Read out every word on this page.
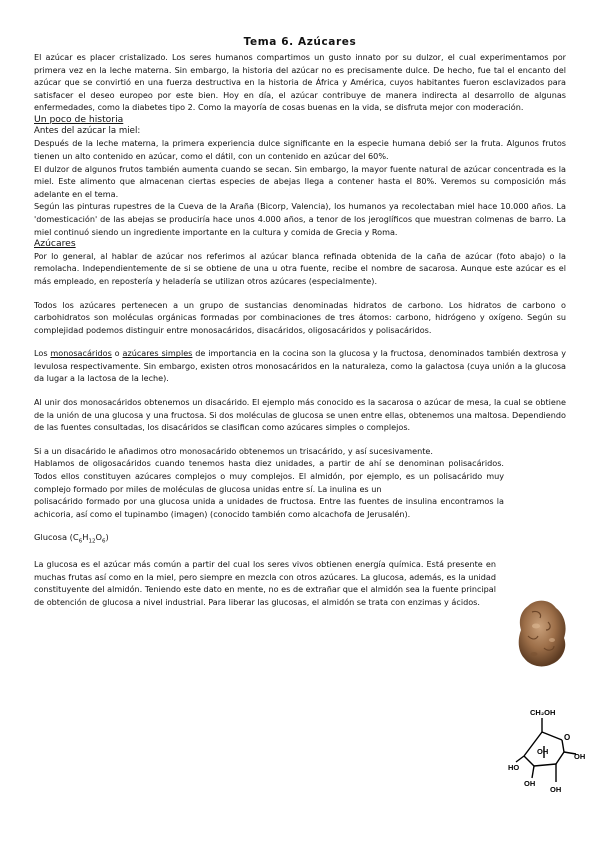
Tema 6. Azúcares

El azúcar es placer cristalizado. Los seres humanos compartimos un gusto innato por su dulzor, el cual experimentamos por primera vez en la leche materna. Sin embargo, la historia del azúcar no es precisamente dulce. De hecho, fue tal el encanto del azúcar que se convirtió en una fuerza destructiva en la historia de África y América, cuyos habitantes fueron esclavizados para satisfacer el deseo europeo por este bien. Hoy en día, el azúcar contribuye de manera indirecta al desarrollo de algunas enfermedades, como la diabetes tipo 2. Como la mayoría de cosas buenas en la vida, se disfruta mejor con moderación.

Un poco de historia
Antes del azúcar la miel:

Después de la leche materna, la primera experiencia dulce significante en la especie humana debió ser la fruta. Algunos frutos tienen un alto contenido en azúcar, como el dátil, con un contenido en azúcar del 60%.

El dulzor de algunos frutos también aumenta cuando se secan. Sin embargo, la mayor fuente natural de azúcar concentrada es la miel. Este alimento que almacenan ciertas especies de abejas llega a contener hasta el 80%. Veremos su composición más adelante en el tema.

Según las pinturas rupestres de la Cueva de la Araña (Bicorp, Valencia), los humanos ya recolectaban miel hace 10.000 años. La 'domesticación' de las abejas se produciría hace unos 4.000 años, a tenor de los jeroglíficos que muestran colmenas de barro. La miel continuó siendo un ingrediente importante en la cultura y comida de Grecia y Roma.

Azúcares

Por lo general, al hablar de azúcar nos referimos al azúcar blanca refinada obtenida de la caña de azúcar (foto abajo) o la remolacha. Independientemente de si se obtiene de una u otra fuente, recibe el nombre de sacarosa. Aunque este azúcar es el más empleado, en repostería y heladería se utilizan otros azúcares (especialmente).

Todos los azúcares pertenecen a un grupo de sustancias denominadas hidratos de carbono. Los hidratos de carbono o carbohidratos son moléculas orgánicas formadas por combinaciones de tres átomos: carbono, hidrógeno y oxígeno. Según su complejidad podemos distinguir entre monosacáridos, disacáridos, oligosacáridos y polisacáridos.

Los monosacáridos o azúcares simples de importancia en la cocina son la glucosa y la fructosa, denominados también dextrosa y levulosa respectivamente. Sin embargo, existen otros monosacáridos en la naturaleza, como la galactosa (cuya unión a la glucosa da lugar a la lactosa de la leche).

Al unir dos monosacáridos obtenemos un disacárido. El ejemplo más conocido es la sacarosa o azúcar de mesa, la cual se obtiene de la unión de una glucosa y una fructosa. Si dos moléculas de glucosa se unen entre ellas, obtenemos una maltosa. Dependiendo de las fuentes consultadas, los disacáridos se clasifican como azúcares simples o complejos.

Si a un disacárido le añadimos otro monosacárido obtenemos un trisacárido, y así sucesivamente.

Hablamos de oligosacáridos cuando tenemos hasta diez unidades, a partir de ahí se denominan polisacáridos. Todos ellos constituyen azúcares complejos o muy complejos. El almidón, por ejemplo, es un polisacárido muy complejo formado por miles de moléculas de glucosa unidas entre sí. La inulina es un

polisacárido formado por una glucosa unida a unidades de fructosa. Entre las fuentes de insulina encontramos la achicoria, así como el tupinambo (imagen) (conocido también como alcachofa de Jerusalén).

Glucosa $(C_6H_{12}O_6)$

La glucosa es el azúcar más común a partir del cual los seres vivos obtienen energía química. Está presente en muchas frutas así como en la miel, pero siempre en mezcla con otros azúcares. La glucosa, además, es la unidad constituyente del almidón. Teniendo este dato en mente, no es de extrañar que el almidón sea la fuente principal de obtención de glucosa a nivel industrial. Para liberar las glucosas, el almidón se trata con enzimas y ácidos.

CH₂OH
O
OH
OH
HO
OH
OH
